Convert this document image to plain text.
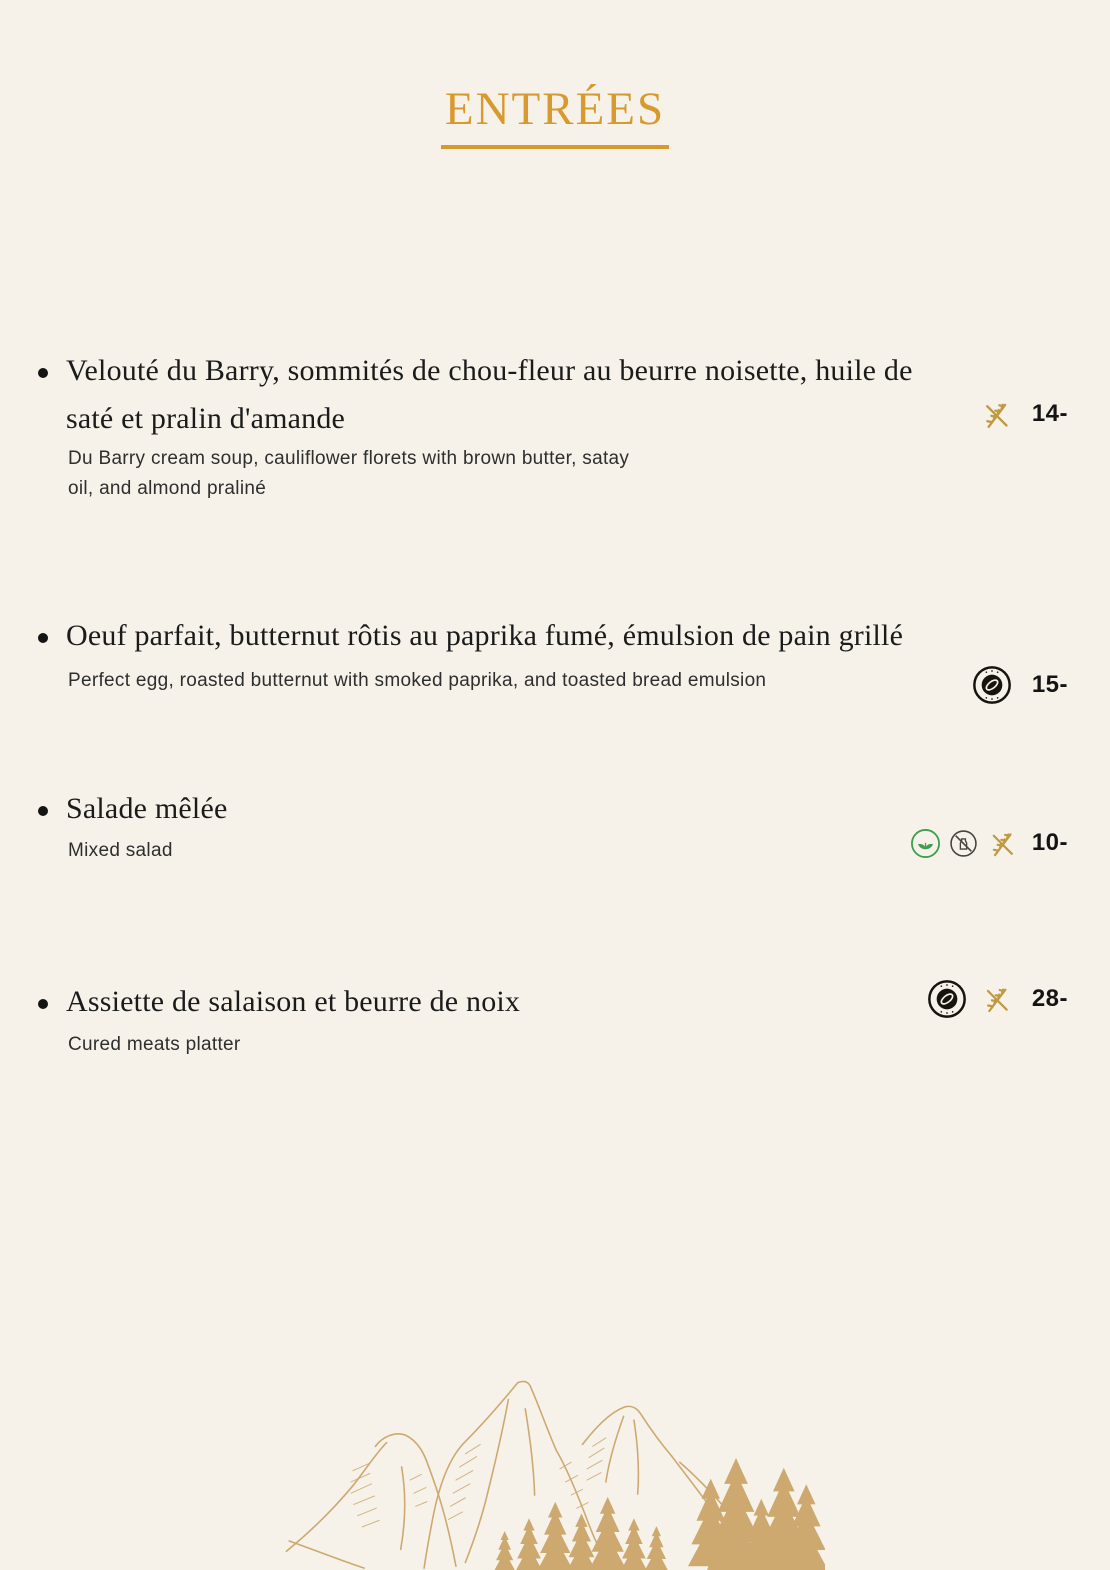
ENTRÉES
Velouté du Barry, sommités de chou-fleur au beurre noisette, huile de
saté et pralin d'amande
Du Barry cream soup, cauliflower florets with brown butter, satay
oil, and almond praliné
14-
Oeuf parfait, butternut rôtis au paprika fumé, émulsion de pain grillé
Perfect egg, roasted butternut with smoked paprika, and toasted bread emulsion	15-
Salade mêlée
Mixed salad	10-
Assiette de salaison et beurre de noix
Cured meats platter
28-
